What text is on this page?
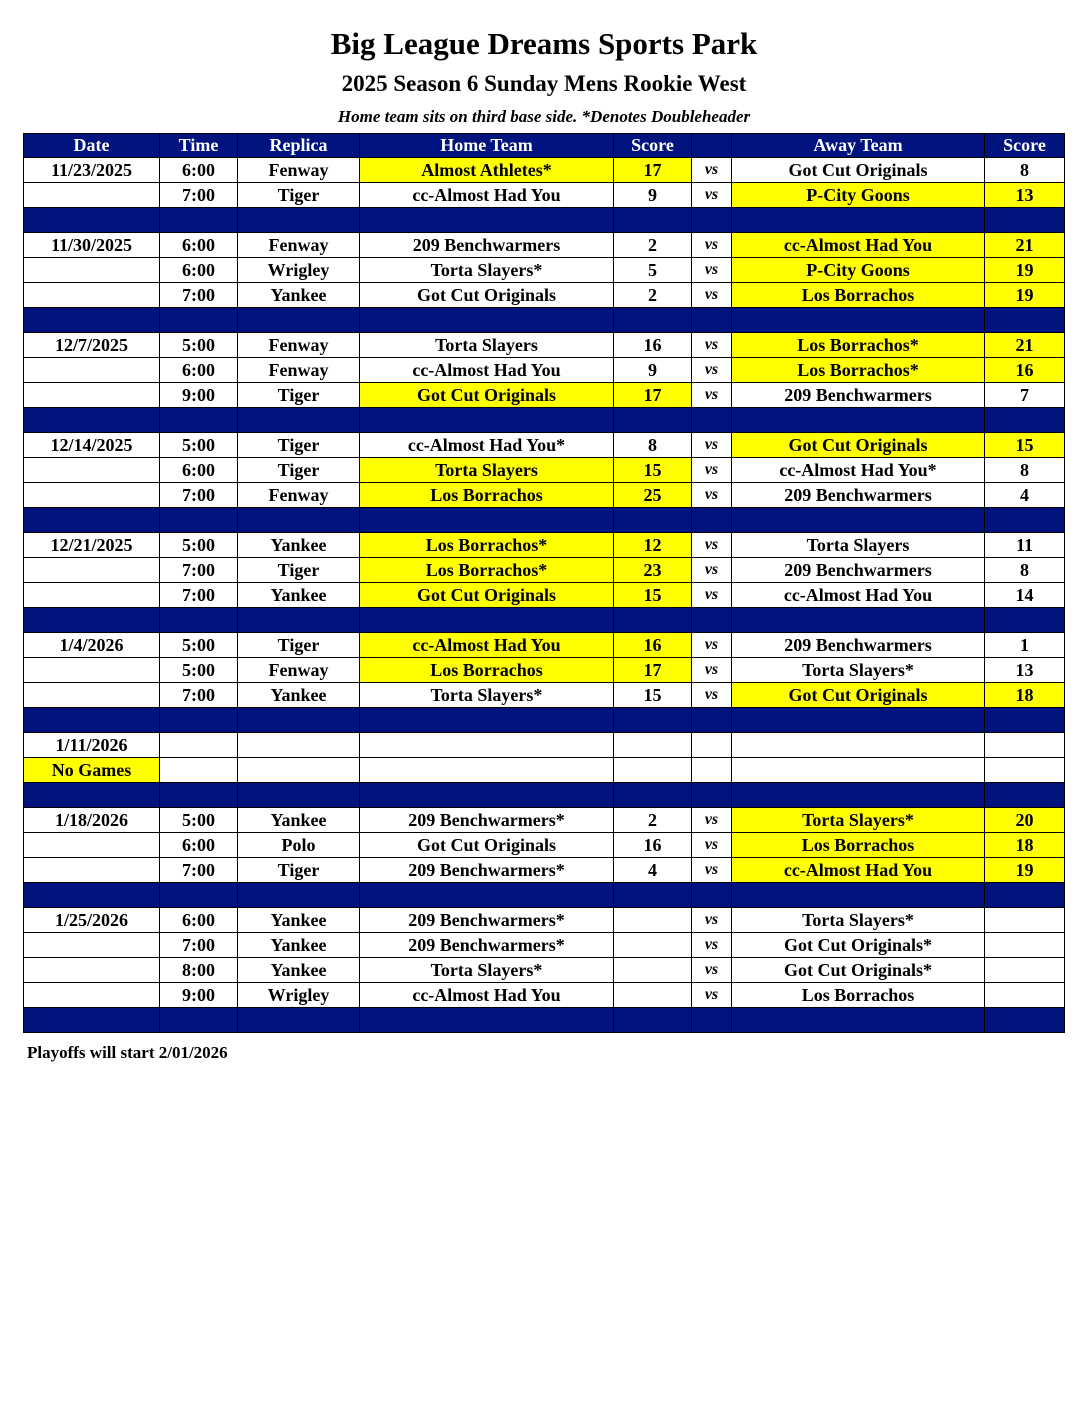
Big League Dreams Sports Park
2025 Season 6 Sunday Mens Rookie West
Home team sits on third base side. *Denotes Doubleheader
Date	Time	Replica	Home Team	Score		Away Team	Score
11/23/2025	6:00	Fenway	Almost Athletes*	17	vs	Got Cut Originals	8
	7:00	Tiger	cc-Almost Had You	9	vs	P-City Goons	13

11/30/2025	6:00	Fenway	209 Benchwarmers	2	vs	cc-Almost Had You	21
	6:00	Wrigley	Torta Slayers*	5	vs	P-City Goons	19
	7:00	Yankee	Got Cut Originals	2	vs	Los Borrachos	19

12/7/2025	5:00	Fenway	Torta Slayers	16	vs	Los Borrachos*	21
	6:00	Fenway	cc-Almost Had You	9	vs	Los Borrachos*	16
	9:00	Tiger	Got Cut Originals	17	vs	209 Benchwarmers	7

12/14/2025	5:00	Tiger	cc-Almost Had You*	8	vs	Got Cut Originals	15
	6:00	Tiger	Torta Slayers	15	vs	cc-Almost Had You*	8
	7:00	Fenway	Los Borrachos	25	vs	209 Benchwarmers	4

12/21/2025	5:00	Yankee	Los Borrachos*	12	vs	Torta Slayers	11
	7:00	Tiger	Los Borrachos*	23	vs	209 Benchwarmers	8
	7:00	Yankee	Got Cut Originals	15	vs	cc-Almost Had You	14

1/4/2026	5:00	Tiger	cc-Almost Had You	16	vs	209 Benchwarmers	1
	5:00	Fenway	Los Borrachos	17	vs	Torta Slayers*	13
	7:00	Yankee	Torta Slayers*	15	vs	Got Cut Originals	18

1/11/2026							
No Games							

1/18/2026	5:00	Yankee	209 Benchwarmers*	2	vs	Torta Slayers*	20
	6:00	Polo	Got Cut Originals	16	vs	Los Borrachos	18
	7:00	Tiger	209 Benchwarmers*	4	vs	cc-Almost Had You	19

1/25/2026	6:00	Yankee	209 Benchwarmers*		vs	Torta Slayers*	
	7:00	Yankee	209 Benchwarmers*		vs	Got Cut Originals*	
	8:00	Yankee	Torta Slayers*		vs	Got Cut Originals*	
	9:00	Wrigley	cc-Almost Had You		vs	Los Borrachos	

Playoffs will start 2/01/2026
